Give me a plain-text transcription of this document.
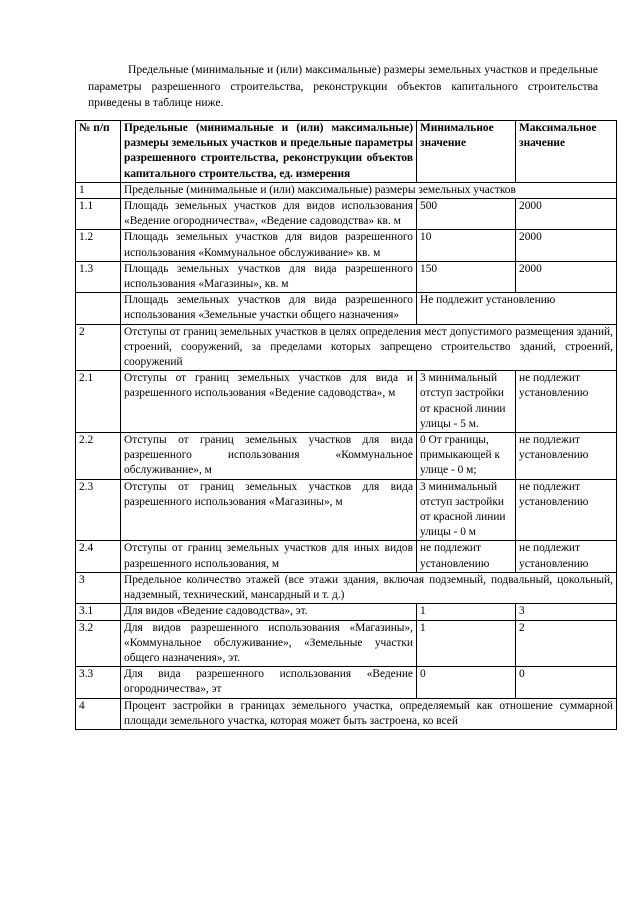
Предельные (минимальные и (или) максимальные) размеры земельных участков и предельные параметры разрешенного строительства, реконструкции объектов капитального строительства приведены в таблице ниже.

№ п/п	Предельные (минимальные и (или) максимальные) размеры земельных участков и предельные параметры разрешенного строительства, реконструкции объектов капитального строительства, ед. измерения	Минимальное значение	Максимальное значение
1	Предельные (минимальные и (или) максимальные) размеры земельных участков		
1.1	Площадь земельных участков для видов использования «Ведение огородничества», «Ведение садоводства» кв. м	500	2000
1.2	Площадь земельных участков для видов разрешенного использования «Коммунальное обслуживание» кв. м	10	2000
1.3	Площадь земельных участков для вида разрешенного использования «Магазины», кв. м	150	2000
	Площадь земельных участков для вида разрешенного использования «Земельные участки общего назначения»	Не подлежит установлению	
2	Отступы от границ земельных участков в целях определения мест допустимого размещения зданий, строений, сооружений, за пределами которых запрещено строительство зданий, строений, сооружений		
2.1	Отступы от границ земельных участков для вида и разрешенного использования «Ведение садоводства», м	3 минимальный отступ застройки от красной линии улицы - 5 м.	не подлежит установлению
2.2	Отступы от границ земельных участков для вида разрешенного использования «Коммунальное обслуживание», м	0 От границы, примыкающей к улице - 0 м;	не подлежит установлению
2.3	Отступы от границ земельных участков для вида разрешенного использования «Магазины», м	3 минимальный отступ застройки от красной линии улицы - 0 м	не подлежит установлению
2.4	Отступы от границ земельных участков для иных видов разрешенного использования, м	не подлежит установлению	не подлежит установлению
3	Предельное количество этажей (все этажи здания, включая подземный, подвальный, цокольный, надземный, технический, мансардный и т. д.)		
3.1	Для видов «Ведение садоводства», эт.	1	3
3.2	Для видов разрешенного использования «Магазины», «Коммунальное обслуживание», «Земельные участки общего назначения», эт.	1	2
3.3	Для вида разрешенного использования «Ведение огородничества», эт	0	0
4	Процент застройки в границах земельного участка, определяемый как отношение суммарной площади земельного участка, которая может быть застроена, ко всей		
